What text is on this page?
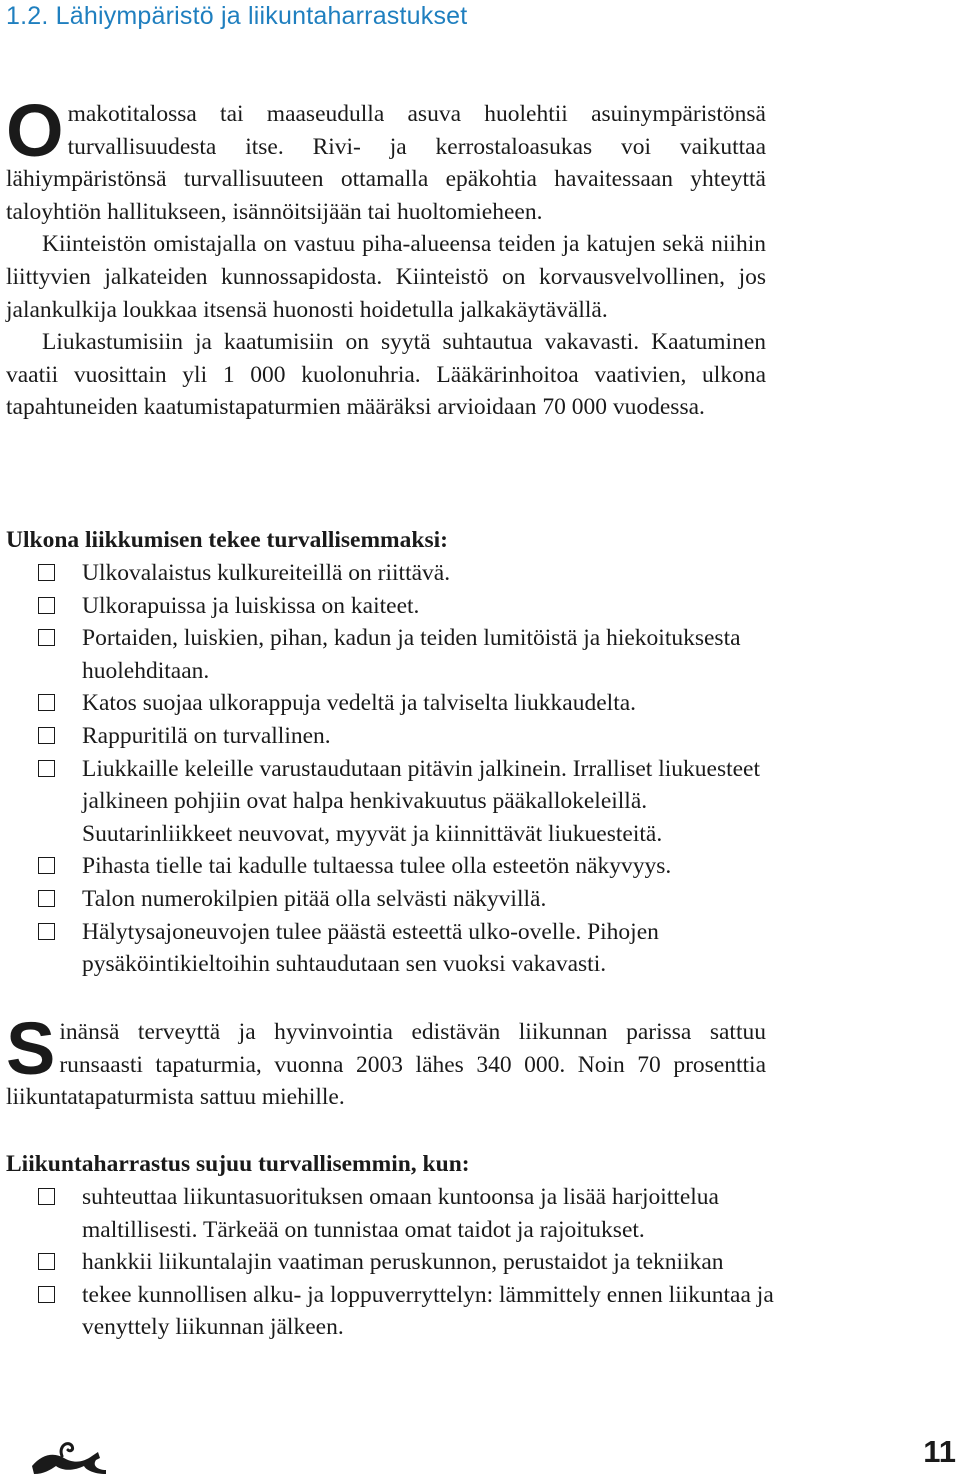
1.2. Lähiympäristö ja liikuntaharrastukset

Omakotitalossa tai maaseudulla asuva huolehtii asuinympäristönsä turvallisuudesta itse. Rivi- ja kerrostaloasukas voi vaikuttaa lähiympäristönsä turvallisuuteen ottamalla epäkohtia havaitessaan yhteyttä taloyhtiön hallitukseen, isännöitsijään tai huoltomieheen.

Kiinteistön omistajalla on vastuu piha-alueensa teiden ja katujen sekä niihin liittyvien jalkateiden kunnossapidosta. Kiinteistö on korvausvelvollinen, jos jalankulkija loukkaa itsensä huonosti hoidetulla jalkakäytävällä.

Liukastumisiin ja kaatumisiin on syytä suhtautua vakavasti. Kaatuminen vaatii vuosittain yli 1 000 kuolonuhria. Lääkärinhoitoa vaativien, ulkona tapahtuneiden kaatumistapaturmien määräksi arvioidaan 70 000 vuodessa.

Ulkona liikkumisen tekee turvallisemmaksi:

Ulkovalaistus kulkureiteillä on riittävä.
Ulkorapuissa ja luiskissa on kaiteet.
Portaiden, luiskien, pihan, kadun ja teiden lumitöistä ja hiekoituksesta huolehditaan.
Katos suojaa ulkorappuja vedeltä ja talviselta liukkaudelta.
Rappuritilä on turvallinen.
Liukkaille keleille varustaudutaan pitävin jalkinein. Irralliset liukuesteet jalkineen pohjiin ovat halpa henkivakuutus pääkallokeleillä. Suutarinliikkeet neuvovat, myyvät ja kiinnittävät liukuesteitä.
Pihasta tielle tai kadulle tultaessa tulee olla esteetön näkyvyys.
Talon numerokilpien pitää olla selvästi näkyvillä.
Hälytysajoneuvojen tulee päästä esteettä ulko-ovelle. Pihojen pysäköintikieltoihin suhtaudutaan sen vuoksi vakavasti.

Sinänsä terveyttä ja hyvinvointia edistävän liikunnan parissa sattuu runsaasti tapaturmia, vuonna 2003 lähes 340 000. Noin 70 prosenttia liikuntatapaturmista sattuu miehille.

Liikuntaharrastus sujuu turvallisemmin, kun:

suhteuttaa liikuntasuorituksen omaan kuntoonsa ja lisää harjoittelua maltillisesti. Tärkeää on tunnistaa omat taidot ja rajoitukset.
hankkii liikuntalajin vaatiman peruskunnon, perustaidot ja tekniikan
tekee kunnollisen alku- ja loppuverryttelyn: lämmittely ennen liikuntaa ja venyttely liikunnan jälkeen.
11
